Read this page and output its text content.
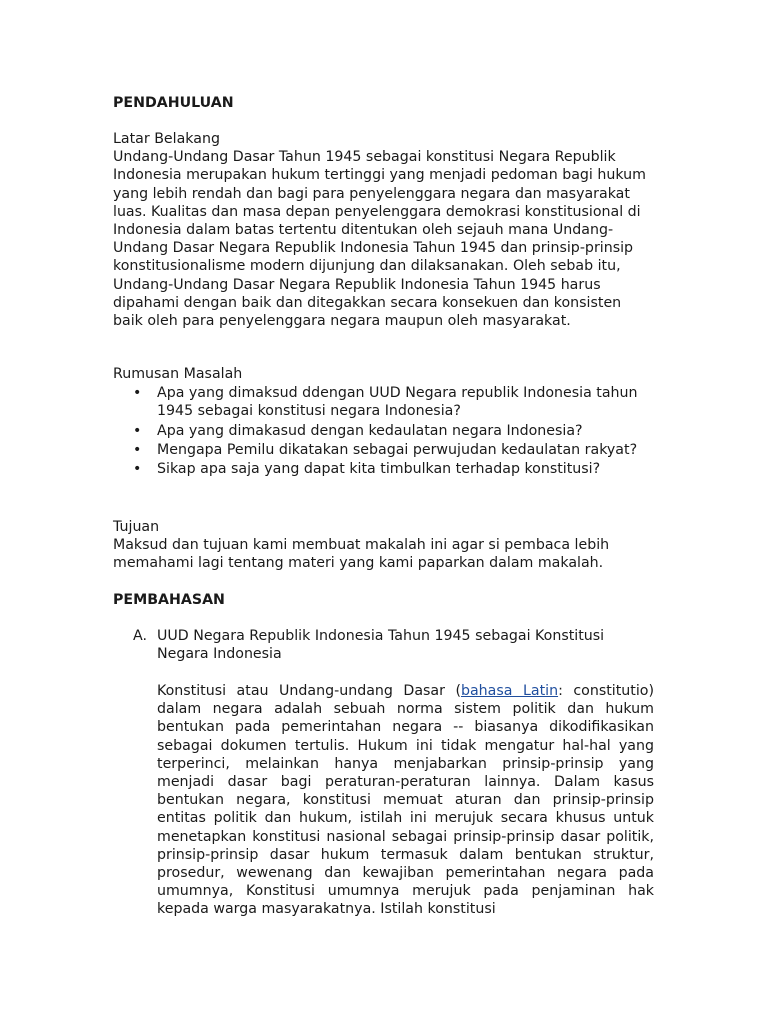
PENDAHULUAN

Latar Belakang

Undang-Undang Dasar Tahun 1945 sebagai konstitusi Negara Republik Indonesia merupakan hukum tertinggi yang menjadi pedoman bagi hukum yang lebih rendah dan bagi para penyelenggara negara dan masyarakat luas. Kualitas dan masa depan penyelenggara demokrasi konstitusional di Indonesia dalam batas tertentu ditentukan oleh sejauh mana Undang-Undang Dasar Negara Republik Indonesia Tahun 1945 dan prinsip-prinsip konstitusionalisme modern dijunjung dan dilaksanakan. Oleh sebab itu, Undang-Undang Dasar Negara Republik Indonesia Tahun 1945 harus dipahami dengan baik dan ditegakkan secara konsekuen dan konsisten baik oleh para penyelenggara negara maupun oleh masyarakat.

Rumusan Masalah

• Apa yang dimaksud ddengan UUD Negara republik Indonesia tahun 1945 sebagai konstitusi negara Indonesia?
• Apa yang dimakasud dengan kedaulatan negara Indonesia?
• Mengapa Pemilu dikatakan sebagai perwujudan kedaulatan rakyat?
• Sikap apa saja yang dapat kita timbulkan terhadap konstitusi?

Tujuan

Maksud dan tujuan kami membuat makalah ini agar si pembaca lebih memahami lagi tentang materi yang kami paparkan dalam makalah.

PEMBAHASAN
A. UUD Negara Republik Indonesia Tahun 1945 sebagai Konstitusi Negara Indonesia

Konstitusi atau Undang-undang Dasar (bahasa Latin: constitutio) dalam negara adalah sebuah norma sistem politik dan hukum bentukan pada pemerintahan negara -- biasanya dikodifikasikan sebagai dokumen tertulis. Hukum ini tidak mengatur hal-hal yang terperinci, melainkan hanya menjabarkan prinsip-prinsip yang menjadi dasar bagi peraturan-peraturan lainnya. Dalam kasus bentukan negara, konstitusi memuat aturan dan prinsip-prinsip entitas politik dan hukum, istilah ini merujuk secara khusus untuk menetapkan konstitusi nasional sebagai prinsip-prinsip dasar politik, prinsip-prinsip dasar hukum termasuk dalam bentukan struktur, prosedur, wewenang dan kewajiban pemerintahan negara pada umumnya, Konstitusi umumnya merujuk pada penjaminan hak kepada warga masyarakatnya. Istilah konstitusi
